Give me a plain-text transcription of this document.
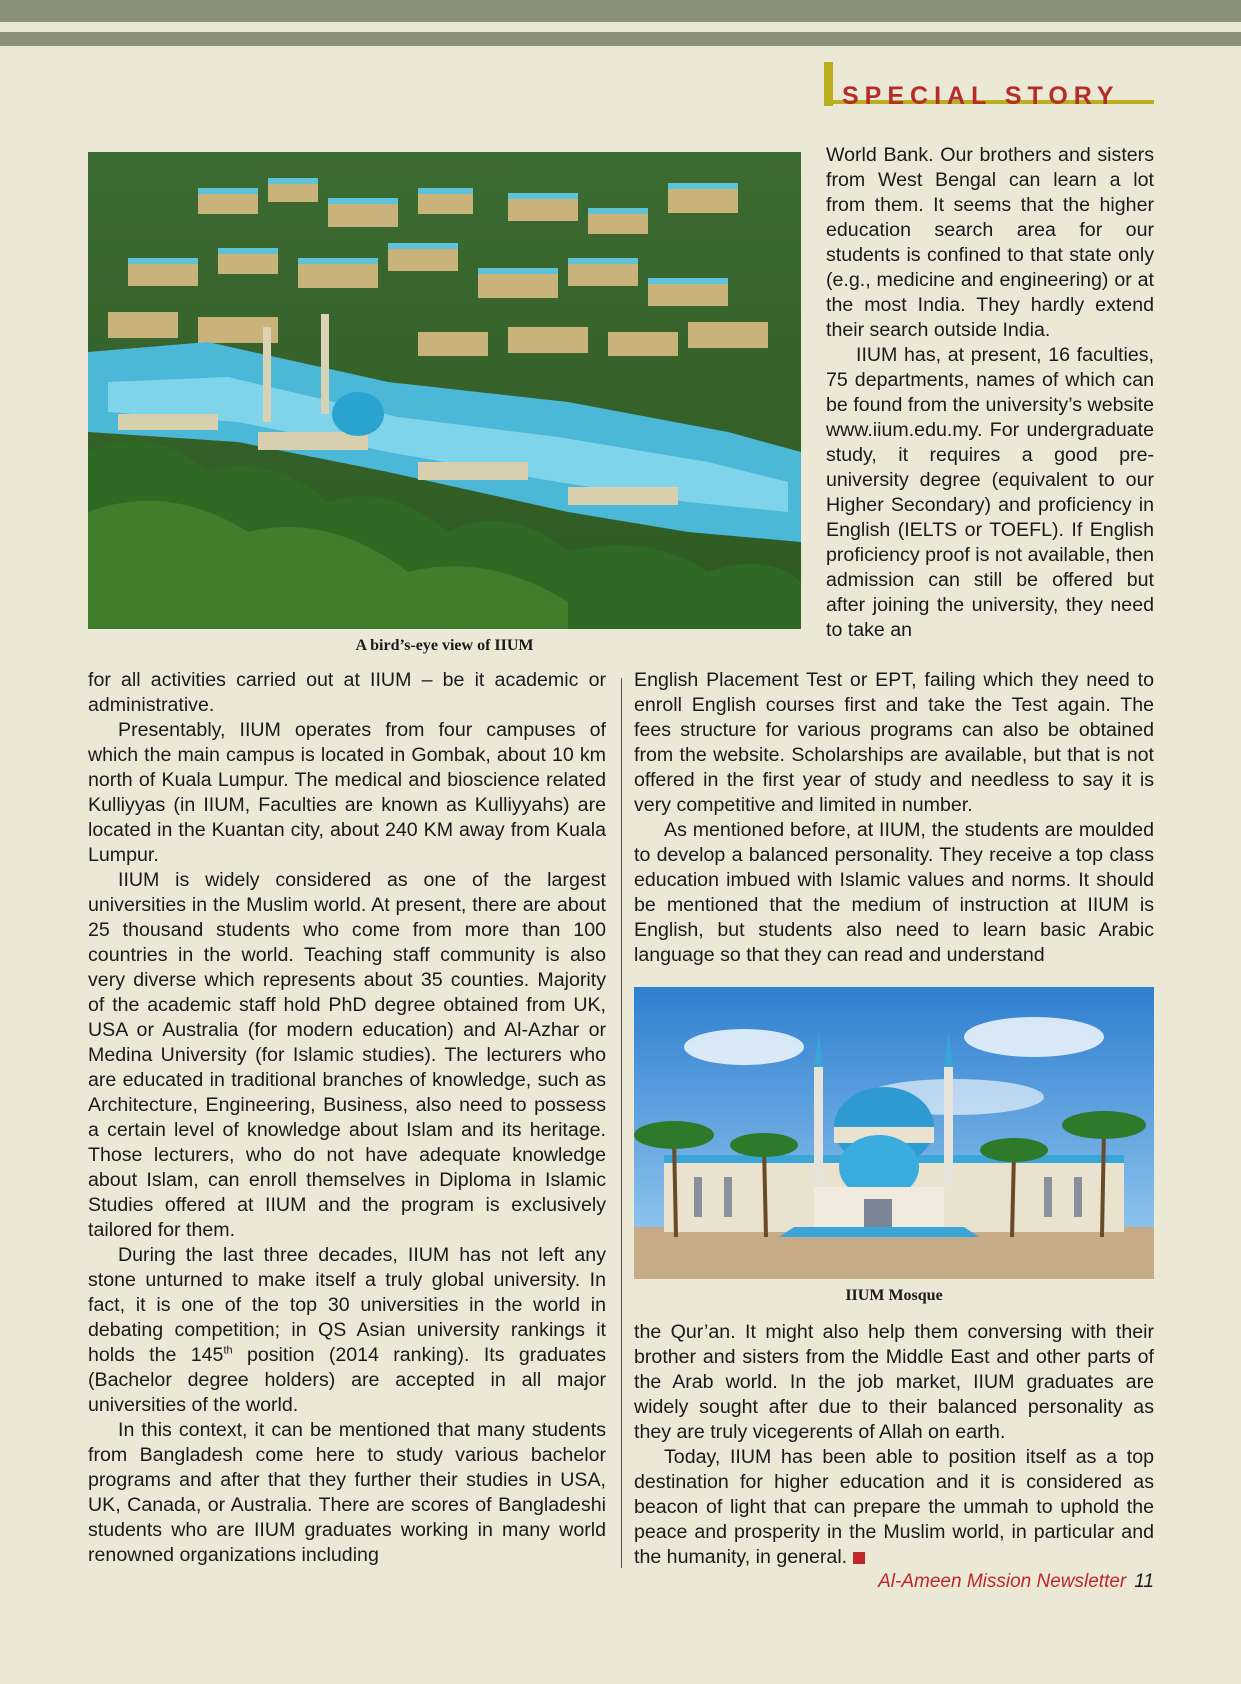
SPECIAL STORY
A bird’s-eye view of IIUM

World Bank. Our brothers and sisters from West Bengal can learn a lot from them. It seems that the higher education search area for our students is confined to that state only (e.g., medicine and engineering) or at the most India. They hardly extend their search outside India.

IIUM has, at present, 16 faculties, 75 departments, names of which can be found from the university’s website www.iium.edu.my. For undergraduate study, it requires a good pre-university degree (equivalent to our Higher Secondary) and proficiency in English (IELTS or TOEFL). If English proficiency proof is not available, then admission can still be offered but after joining the university, they need to take an

English Placement Test or EPT, failing which they need to enroll English courses first and take the Test again. The fees structure for various programs can also be obtained from the website. Scholarships are available, but that is not offered in the first year of study and needless to say it is very competitive and limited in number.

As mentioned before, at IIUM, the students are moulded to develop a balanced personality. They receive a top class education imbued with Islamic values and norms. It should be mentioned that the medium of instruction at IIUM is English, but students also need to learn basic Arabic language so that they can read and understand

IIUM Mosque

the Qur’an. It might also help them conversing with their brother and sisters from the Middle East and other parts of the Arab world. In the job market, IIUM graduates are widely sought after due to their balanced personality as they are truly vicegerents of Allah on earth.

Today, IIUM has been able to position itself as a top destination for higher education and it is considered as beacon of light that can prepare the ummah to uphold the peace and prosperity in the Muslim world, in particular and the humanity, in general.

for all activities carried out at IIUM – be it academic or administrative.

Presentably, IIUM operates from four campuses of which the main campus is located in Gombak, about 10 km north of Kuala Lumpur. The medical and bioscience related Kulliyyas (in IIUM, Faculties are known as Kulliyyahs) are located in the Kuantan city, about 240 KM away from Kuala Lumpur.

IIUM is widely considered as one of the largest universities in the Muslim world. At present, there are about 25 thousand students who come from more than 100 countries in the world. Teaching staff community is also very diverse which represents about 35 counties. Majority of the academic staff hold PhD degree obtained from UK, USA or Australia (for modern education) and Al-Azhar or Medina University (for Islamic studies). The lecturers who are educated in traditional branches of knowledge, such as Architecture, Engineering, Business, also need to possess a certain level of knowledge about Islam and its heritage. Those lecturers, who do not have adequate knowledge about Islam, can enroll themselves in Diploma in Islamic Studies offered at IIUM and the program is exclusively tailored for them.

During the last three decades, IIUM has not left any stone unturned to make itself a truly global university. In fact, it is one of the top 30 universities in the world in debating competition; in QS Asian university rankings it holds the 145th position (2014 ranking). Its graduates (Bachelor degree holders) are accepted in all major universities of the world.

In this context, it can be mentioned that many students from Bangladesh come here to study various bachelor programs and after that they further their studies in USA, UK, Canada, or Australia. There are scores of Bangladeshi students who are IIUM graduates working in many world renowned organizations including

Al-Ameen Mission Newsletter 11
